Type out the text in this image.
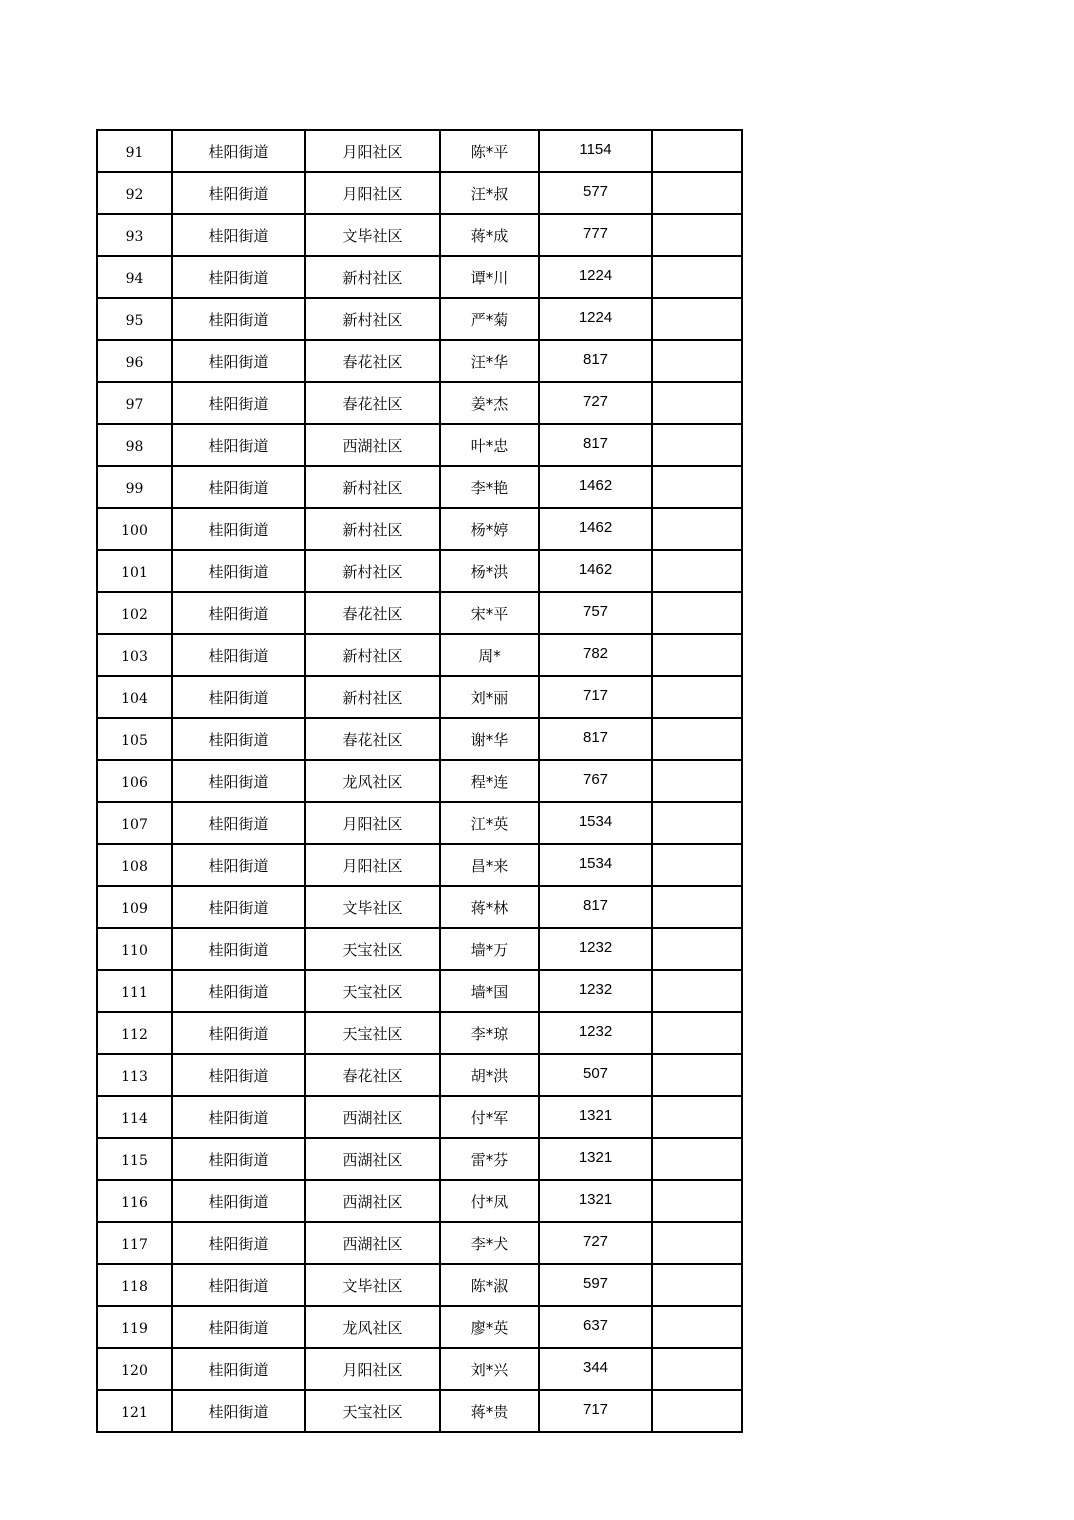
91	桂阳街道	月阳社区	陈*平	1154	
92	桂阳街道	月阳社区	汪*叔	577	
93	桂阳街道	文毕社区	蒋*成	777	
94	桂阳街道	新村社区	谭*川	1224	
95	桂阳街道	新村社区	严*菊	1224	
96	桂阳街道	春花社区	汪*华	817	
97	桂阳街道	春花社区	姜*杰	727	
98	桂阳街道	西湖社区	叶*忠	817	
99	桂阳街道	新村社区	李*艳	1462	
100	桂阳街道	新村社区	杨*婷	1462	
101	桂阳街道	新村社区	杨*洪	1462	
102	桂阳街道	春花社区	宋*平	757	
103	桂阳街道	新村社区	周*	782	
104	桂阳街道	新村社区	刘*丽	717	
105	桂阳街道	春花社区	谢*华	817	
106	桂阳街道	龙风社区	程*连	767	
107	桂阳街道	月阳社区	江*英	1534	
108	桂阳街道	月阳社区	昌*来	1534	
109	桂阳街道	文毕社区	蒋*林	817	
110	桂阳街道	天宝社区	墙*万	1232	
111	桂阳街道	天宝社区	墙*国	1232	
112	桂阳街道	天宝社区	李*琼	1232	
113	桂阳街道	春花社区	胡*洪	507	
114	桂阳街道	西湖社区	付*军	1321	
115	桂阳街道	西湖社区	雷*芬	1321	
116	桂阳街道	西湖社区	付*凤	1321	
117	桂阳街道	西湖社区	李*犬	727	
118	桂阳街道	文毕社区	陈*淑	597	
119	桂阳街道	龙风社区	廖*英	637	
120	桂阳街道	月阳社区	刘*兴	344	
121	桂阳街道	天宝社区	蒋*贵	717	
